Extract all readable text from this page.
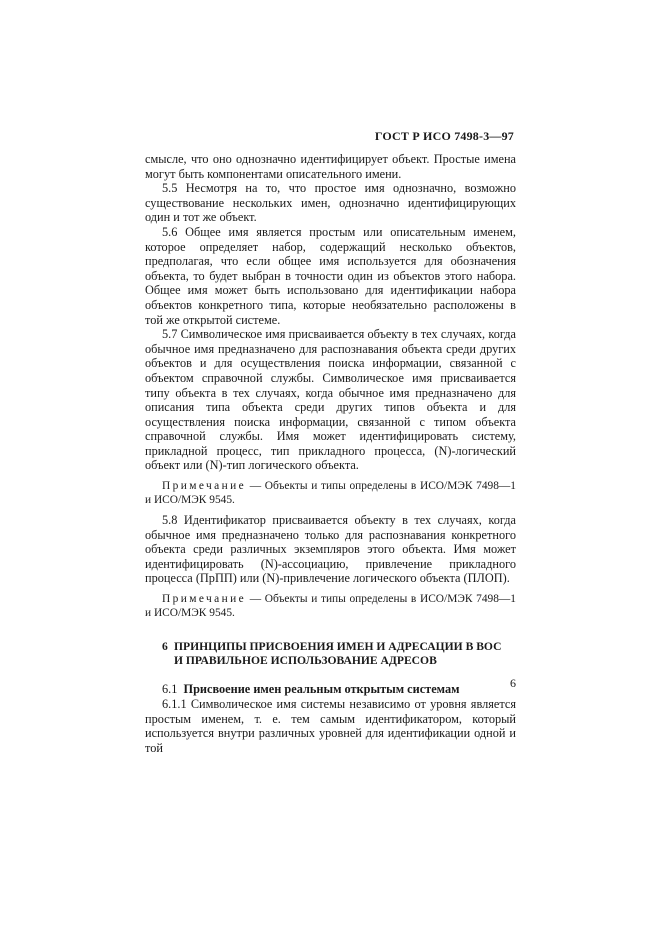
ГОСТ Р ИСО 7498-3—97

смысле, что оно однозначно идентифицирует объект. Простые имена могут быть компонентами описательного имени.

5.5 Несмотря на то, что простое имя однозначно, возможно существование нескольких имен, однозначно идентифицирующих один и тот же объект.

5.6 Общее имя является простым или описательным именем, которое определяет набор, содержащий несколько объектов, предполагая, что если общее имя используется для обозначения объекта, то будет выбран в точности один из объектов этого набора. Общее имя может быть использовано для идентификации набора объектов конкретного типа, которые необязательно расположены в той же открытой системе.

5.7 Символическое имя присваивается объекту в тех случаях, когда обычное имя предназначено для распознавания объекта среди других объектов и для осуществления поиска информации, связанной с объектом справочной службы. Символическое имя присваивается типу объекта в тех случаях, когда обычное имя предназначено для описания типа объекта среди других типов объекта и для осуществления поиска информации, связанной с типом объекта справочной службы. Имя может идентифицировать систему, прикладной процесс, тип прикладного процесса, (N)-логический объект или (N)-тип логического объекта.

Примечание — Объекты и типы определены в ИСО/МЭК 7498—1 и ИСО/МЭК 9545.

5.8 Идентификатор присваивается объекту в тех случаях, когда обычное имя предназначено только для распознавания конкретного объекта среди различных экземпляров этого объекта. Имя может идентифицировать (N)-ассоциацию, привлечение прикладного процесса (ПрПП) или (N)-привлечение логического объекта (ПЛОП).

Примечание — Объекты и типы определены в ИСО/МЭК 7498—1 и ИСО/МЭК 9545.

6 ПРИНЦИПЫ ПРИСВОЕНИЯ ИМЕН И АДРЕСАЦИИ В ВОС
И ПРАВИЛЬНОЕ ИСПОЛЬЗОВАНИЕ АДРЕСОВ

6.1 Присвоение имен реальным открытым системам

6.1.1 Символическое имя системы независимо от уровня является простым именем, т. е. тем самым идентификатором, который используется внутри различных уровней для идентификации одной и той

6
